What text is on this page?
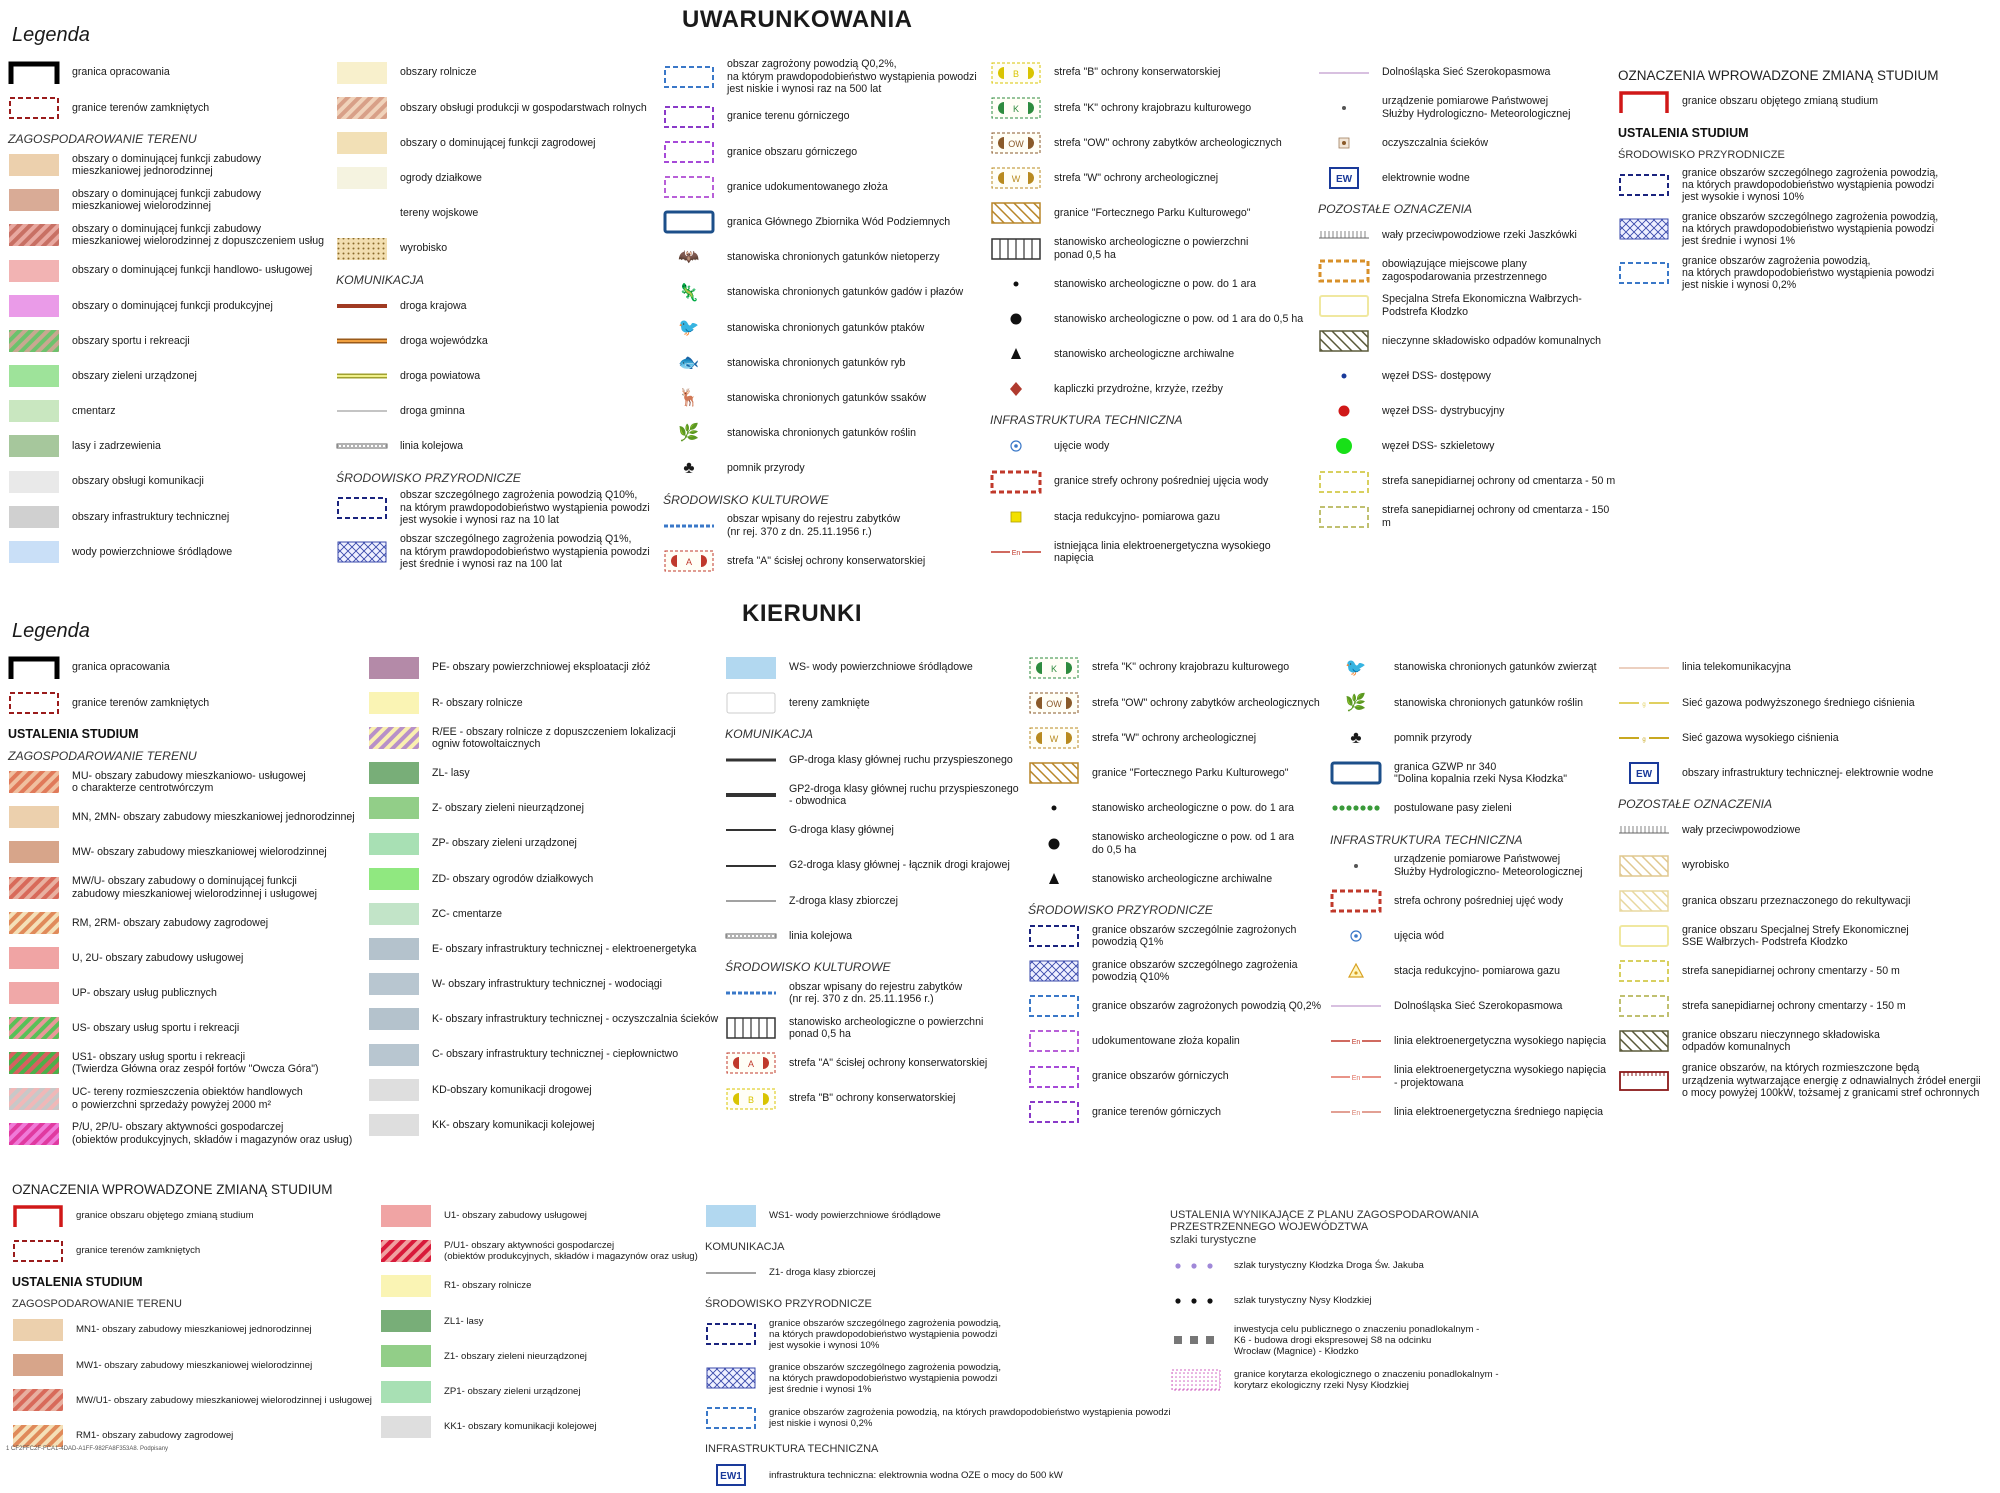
UWARUNKOWANIA
Legenda
KIERUNKI
Legenda
granica opracowania
granice terenów zamkniętych
ZAGOSPODAROWANIE TERENU
obszary o dominującej funkcji zabudowy
mieszkaniowej jednorodzinnej
obszary o dominującej funkcji zabudowy
mieszkaniowej wielorodzinnej
obszary o dominującej funkcji zabudowy
mieszkaniowej wielorodzinnej z dopuszczeniem usług
obszary o dominującej funkcji handlowo- usługowej
obszary o dominującej funkcji produkcyjnej
obszary sportu i rekreacji
obszary zieleni urządzonej
cmentarz
lasy i zadrzewienia
obszary obsługi komunikacji
obszary infrastruktury technicznej
wody powierzchniowe śródlądowe
obszary rolnicze
obszary obsługi produkcji w gospodarstwach rolnych
obszary o dominującej funkcji zagrodowej
ogrody działkowe
tereny wojskowe
wyrobisko
KOMUNIKACJA
droga krajowa
droga wojewódzka
droga powiatowa
droga gminna
linia kolejowa
ŚRODOWISKO PRZYRODNICZE
obszar szczególnego zagrożenia powodzią Q10%,
na którym prawdopodobieństwo wystąpienia powodzi
jest wysokie i wynosi raz na 10 lat
obszar szczególnego zagrożenia powodzią Q1%,
na którym prawdopodobieństwo wystąpienia powodzi
jest średnie i wynosi raz na 100 lat
obszar zagrożony powodzią Q0,2%,
na którym prawdopodobieństwo wystąpienia powodzi
jest niskie i wynosi raz na 500 lat
granice terenu górniczego
granice obszaru górniczego
granice udokumentowanego złoża
granica Głównego Zbiornika Wód Podziemnych
🦇	stanowiska chronionych gatunków nietoperzy
🦎	stanowiska chronionych gatunków gadów i płazów
🐦	stanowiska chronionych gatunków ptaków
🐟	stanowiska chronionych gatunków ryb
🦌	stanowiska chronionych gatunków ssaków
🌿	stanowiska chronionych gatunków roślin
♣	pomnik przyrody
ŚRODOWISKO KULTUROWE
obszar wpisany do rejestru zabytków
(nr rej. 370 z dn. 25.11.1956 r.)
A	strefa "A" ścisłej ochrony konserwatorskiej
B	strefa "B" ochrony konserwatorskiej
K	strefa "K" ochrony krajobrazu kulturowego
OW	strefa "OW" ochrony zabytków archeologicznych
W	strefa "W" ochrony archeologicznej
granice "Fortecznego Parku Kulturowego"
stanowisko archeologiczne o powierzchni
ponad 0,5 ha
stanowisko archeologiczne o pow. do 1 ara
stanowisko archeologiczne o pow. od 1 ara do 0,5 ha
stanowisko archeologiczne archiwalne
kapliczki przydrożne, krzyże, rzeźby
INFRASTRUKTURA TECHNICZNA
ujęcie wody
granice strefy ochrony pośredniej ujęcia wody
stacja redukcyjno- pomiarowa gazu
En
istniejąca linia elektroenergetyczna wysokiego
napięcia
Dolnośląska Sieć Szerokopasmowa
urządzenie pomiarowe Państwowej
Służby Hydrologiczno- Meteorologicznej
oczyszczalnia ścieków
EW	elektrownie wodne
POZOSTAŁE OZNACZENIA
wały przeciwpowodziowe rzeki Jaszkówki
obowiązujące miejscowe plany
zagospodarowania przestrzennego
Specjalna Strefa Ekonomiczna Wałbrzych-
Podstrefa Kłodzko
nieczynne składowisko odpadów komunalnych
węzeł DSS- dostępowy
węzeł DSS- dystrybucyjny
węzeł DSS- szkieletowy
strefa sanepidiarnej ochrony od cmentarza - 50 m
strefa sanepidiarnej ochrony od cmentarza - 150 m
OZNACZENIA WPROWADZONE ZMIANĄ STUDIUM
granice obszaru objętego zmianą studium
USTALENIA STUDIUM
ŚRODOWISKO PRZYRODNICZE
granice obszarów szczególnego zagrożenia powodzią,
na których prawdopodobieństwo wystąpienia powodzi
jest wysokie i wynosi 10%
granice obszarów szczególnego zagrożenia powodzią,
na których prawdopodobieństwo wystąpienia powodzi
jest średnie i wynosi 1%
granice obszarów zagrożenia powodzią,
na których prawdopodobieństwo wystąpienia powodzi
jest niskie i wynosi 0,2%
granica opracowania
granice terenów zamkniętych
USTALENIA STUDIUM
ZAGOSPODAROWANIE TERENU
MU- obszary zabudowy mieszkaniowo- usługowej
o charakterze centrotwórczym
MN, 2MN- obszary zabudowy mieszkaniowej jednorodzinnej
MW- obszary zabudowy mieszkaniowej wielorodzinnej
MW/U- obszary zabudowy o dominującej funkcji
zabudowy mieszkaniowej wielorodzinnej i usługowej
RM, 2RM- obszary zabudowy zagrodowej
U, 2U- obszary zabudowy usługowej
UP- obszary usług publicznych
US- obszary usług sportu i rekreacji
US1- obszary usług sportu i rekreacji
(Twierdza Główna oraz zespół fortów "Owcza Góra")
UC- tereny rozmieszczenia obiektów handlowych
o powierzchni sprzedaży powyżej 2000 m²
P/U, 2P/U- obszary aktywności gospodarczej
(obiektów produkcyjnych, składów i magazynów oraz usług)
PE- obszary powierzchniowej eksploatacji złóż
R- obszary rolnicze
R/EE - obszary rolnicze z dopuszczeniem lokalizacji
ogniw fotowoltaicznych
ZL- lasy
Z- obszary zieleni nieurządzonej
ZP- obszary zieleni urządzonej
ZD- obszary ogrodów działkowych
ZC- cmentarze
E- obszary infrastruktury technicznej - elektroenergetyka
W- obszary infrastruktury technicznej - wodociągi
K- obszary infrastruktury technicznej - oczyszczalnia ścieków
C- obszary infrastruktury technicznej - ciepłownictwo
KD-obszary komunikacji drogowej
KK- obszary komunikacji kolejowej
WS- wody powierzchniowe śródlądowe
tereny zamknięte
KOMUNIKACJA
GP-droga klasy głównej ruchu przyspieszonego
GP2-droga klasy głównej ruchu przyspieszonego
- obwodnica
G-droga klasy głównej
G2-droga klasy głównej - łącznik drogi krajowej
Z-droga klasy zbiorczej
linia kolejowa
ŚRODOWISKO KULTUROWE
obszar wpisany do rejestru zabytków
(nr rej. 370 z dn. 25.11.1956 r.)
stanowisko archeologiczne o powierzchni
ponad 0,5 ha
A	strefa "A" ścisłej ochrony konserwatorskiej
B	strefa "B" ochrony konserwatorskiej
K	strefa "K" ochrony krajobrazu kulturowego
OW	strefa "OW" ochrony zabytków archeologicznych
W	strefa "W" ochrony archeologicznej
granice "Fortecznego Parku Kulturowego"
stanowisko archeologiczne o pow. do 1 ara
stanowisko archeologiczne o pow. od 1 ara
do 0,5 ha
stanowisko archeologiczne archiwalne
ŚRODOWISKO PRZYRODNICZE
granice obszarów szczególnie zagrożonych
powodzią Q1%
granice obszarów szczególnego zagrożenia
powodzią Q10%
granice obszarów zagrożonych powodzią Q0,2%
udokumentowane złoża kopalin
granice obszarów górniczych
granice terenów górniczych
🐦	stanowiska chronionych gatunków zwierząt
🌿	stanowiska chronionych gatunków roślin
♣	pomnik przyrody
granica GZWP nr 340
"Dolina kopalnia rzeki Nysa Kłodzka"
postulowane pasy zieleni
INFRASTRUKTURA TECHNICZNA
urządzenie pomiarowe Państwowej
Służby Hydrologiczno- Meteorologicznej
strefa ochrony pośredniej ujęć wody
ujęcia wód
stacja redukcyjno- pomiarowa gazu
Dolnośląska Sieć Szerokopasmowa
En	linia elektroenergetyczna wysokiego napięcia
En
linia elektroenergetyczna wysokiego napięcia
- projektowana
En	linia elektroenergetyczna średniego napięcia
linia telekomunikacyjna
g	Sieć gazowa podwyższonego średniego ciśnienia
g	Sieć gazowa wysokiego ciśnienia
EW	obszary infrastruktury technicznej- elektrownie wodne
POZOSTAŁE OZNACZENIA
wały przeciwpowodziowe
wyrobisko
granica obszaru przeznaczonego do rekultywacji
granice obszaru Specjalnej Strefy Ekonomicznej
SSE Wałbrzych- Podstrefa Kłodzko
strefa sanepidiarnej ochrony cmentarzy - 50 m
strefa sanepidiarnej ochrony cmentarzy - 150 m
granice obszaru nieczynnego składowiska
odpadów komunalnych
granice obszarów, na których rozmieszczone będą
urządzenia wytwarzające energię z odnawialnych źródeł energii
o mocy powyżej 100kW, tożsamej z granicami stref ochronnych
OZNACZENIA WPROWADZONE ZMIANĄ STUDIUM
granice obszaru objętego zmianą studium
granice terenów zamkniętych
USTALENIA STUDIUM
ZAGOSPODAROWANIE TERENU
MN1- obszary zabudowy mieszkaniowej jednorodzinnej
MW1- obszary zabudowy mieszkaniowej wielorodzinnej
MW/U1- obszary zabudowy mieszkaniowej wielorodzinnej i usługowej
RM1- obszary zabudowy zagrodowej
U1- obszary zabudowy usługowej
P/U1- obszary aktywności gospodarczej
(obiektów produkcyjnych, składów i magazynów oraz usług)
R1- obszary rolnicze
ZL1- lasy
Z1- obszary zieleni nieurządzonej
ZP1- obszary zieleni urządzonej
KK1- obszary komunikacji kolejowej
WS1- wody powierzchniowe śródlądowe
KOMUNIKACJA
Z1- droga klasy zbiorczej
ŚRODOWISKO PRZYRODNICZE
granice obszarów szczególnego zagrożenia powodzią,
na których prawdopodobieństwo wystąpienia powodzi
jest wysokie i wynosi 10%
granice obszarów szczególnego zagrożenia powodzią,
na których prawdopodobieństwo wystąpienia powodzi
jest średnie i wynosi 1%
granice obszarów zagrożenia powodzią, na których prawdopodobieństwo wystąpienia powodzi
jest niskie i wynosi 0,2%
INFRASTRUKTURA TECHNICZNA
EW1	infrastruktura techniczna: elektrownia wodna OZE o mocy do 500 kW
USTALENIA WYNIKAJĄCE Z PLANU ZAGOSPODAROWANIA
PRZESTRZENNEGO WOJEWÓDZTWA
szlaki turystyczne
szlak turystyczny Kłodzka Droga Św. Jakuba
szlak turystyczny Nysy Kłodzkiej
inwestycja celu publicznego o znaczeniu ponadlokalnym -
K6 - budowa drogi ekspresowej S8 na odcinku
Wrocław (Magnice) - Kłodzko
granice korytarza ekologicznego o znaczeniu ponadlokalnym -
korytarz ekologiczny rzeki Nysy Kłodzkiej
1 CF2FFC2F-FCA1-4DAD-A1FF-982FA8F353A8. Podpisany
